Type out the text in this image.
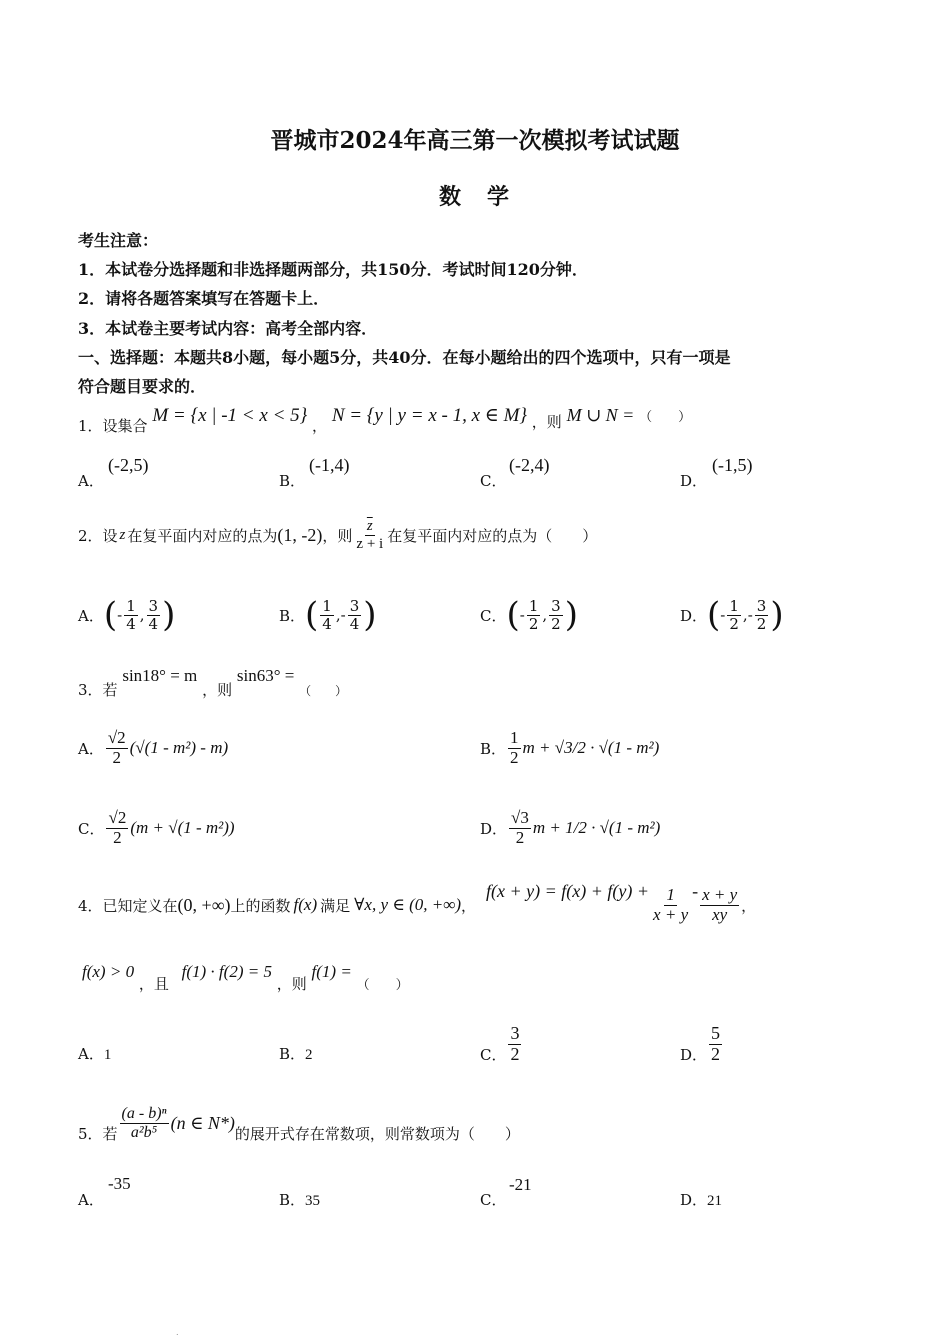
晋城市2024年高三第一次模拟考试试题
数　学
考生注意：
1．本试卷分选择题和非选择题两部分，共150分．考试时间120分钟．
2．请将各题答案填写在答题卡上．
3．本试卷主要考试内容：高考全部内容．
一、选择题：本题共8小题，每小题5分，共40分．在每小题给出的四个选项中，只有一项是
符合题目要求的．
1．设集合 M = {x | -1 < x < 5} ， N = {y | y = x - 1, x ∈ M} ，则 M ∪ N = （　　）
A．
(-2,5)
B．
(-1,4)
C．
(-2,4)
D．
(-1,5)
2．设 z 在复平面内对应的点为 (1, -2) ，则 $\frac{\overline{z}}{z + i}$ 在复平面内对应的点为（　　）
A． ( - $\frac{1}{4}$ , $\frac{3}{4}$ )	B． ( $\frac{1}{4}$ , - $\frac{3}{4}$ )	C． ( - $\frac{1}{2}$ , $\frac{3}{2}$ )	D． ( - $\frac{1}{2}$ , - $\frac{3}{2}$ )
3．若 sin18° = m ，则 sin63° = $_{( )}$
A． $\frac{√2}{2} (√(1 - m^2) - m)$	B． $\frac{1}{2}$ m + √3/2 · √(1 - m²)
C． $\frac{√2}{2} (m + √(1 - m^2))$	D． $\frac{√3}{2}$ m + 1/2 · √(1 - m²)
4．已知定义在 (0, +∞) 上的函数 f(x) 满足 ∀x, y ∈ (0, +∞) ，
$f(x + y) = f(x) + f(y) + \frac{1}{x + y} - \frac{x + y}{xy}$ ，
f(x) > 0 ，且 f(1) · f(2) = 5 ，则 f(1) = （　　）
A．1	B．2	C． $\frac{3}{2}$	D． $\frac{5}{2}$
5．若 $\frac{\text{(a - b)ⁿ}}{\text{a²b⁵}} (n$ ∈ N*)
的展开式存在常数项，则常数项为（　　）
A．
-35
B．35	C．
-21
D．21
.
